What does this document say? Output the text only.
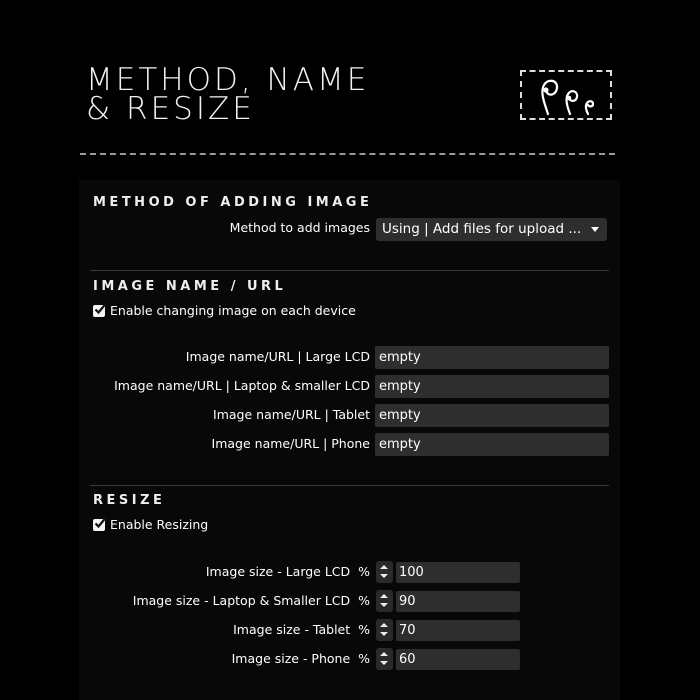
METHOD, NAME
& RESIZE
METHOD OF ADDING IMAGE
Method to add images Using | Add files for upload ...
IMAGE NAME / URL
Enable changing image on each device
Image name/URL | Large LCD empty
Image name/URL | Laptop & smaller LCD empty
Image name/URL | Tablet empty
Image name/URL | Phone empty
RESIZE
Enable Resizing
Image size - Large LCD % 100
Image size - Laptop & Smaller LCD % 90
Image size - Tablet % 70
Image size - Phone % 60
